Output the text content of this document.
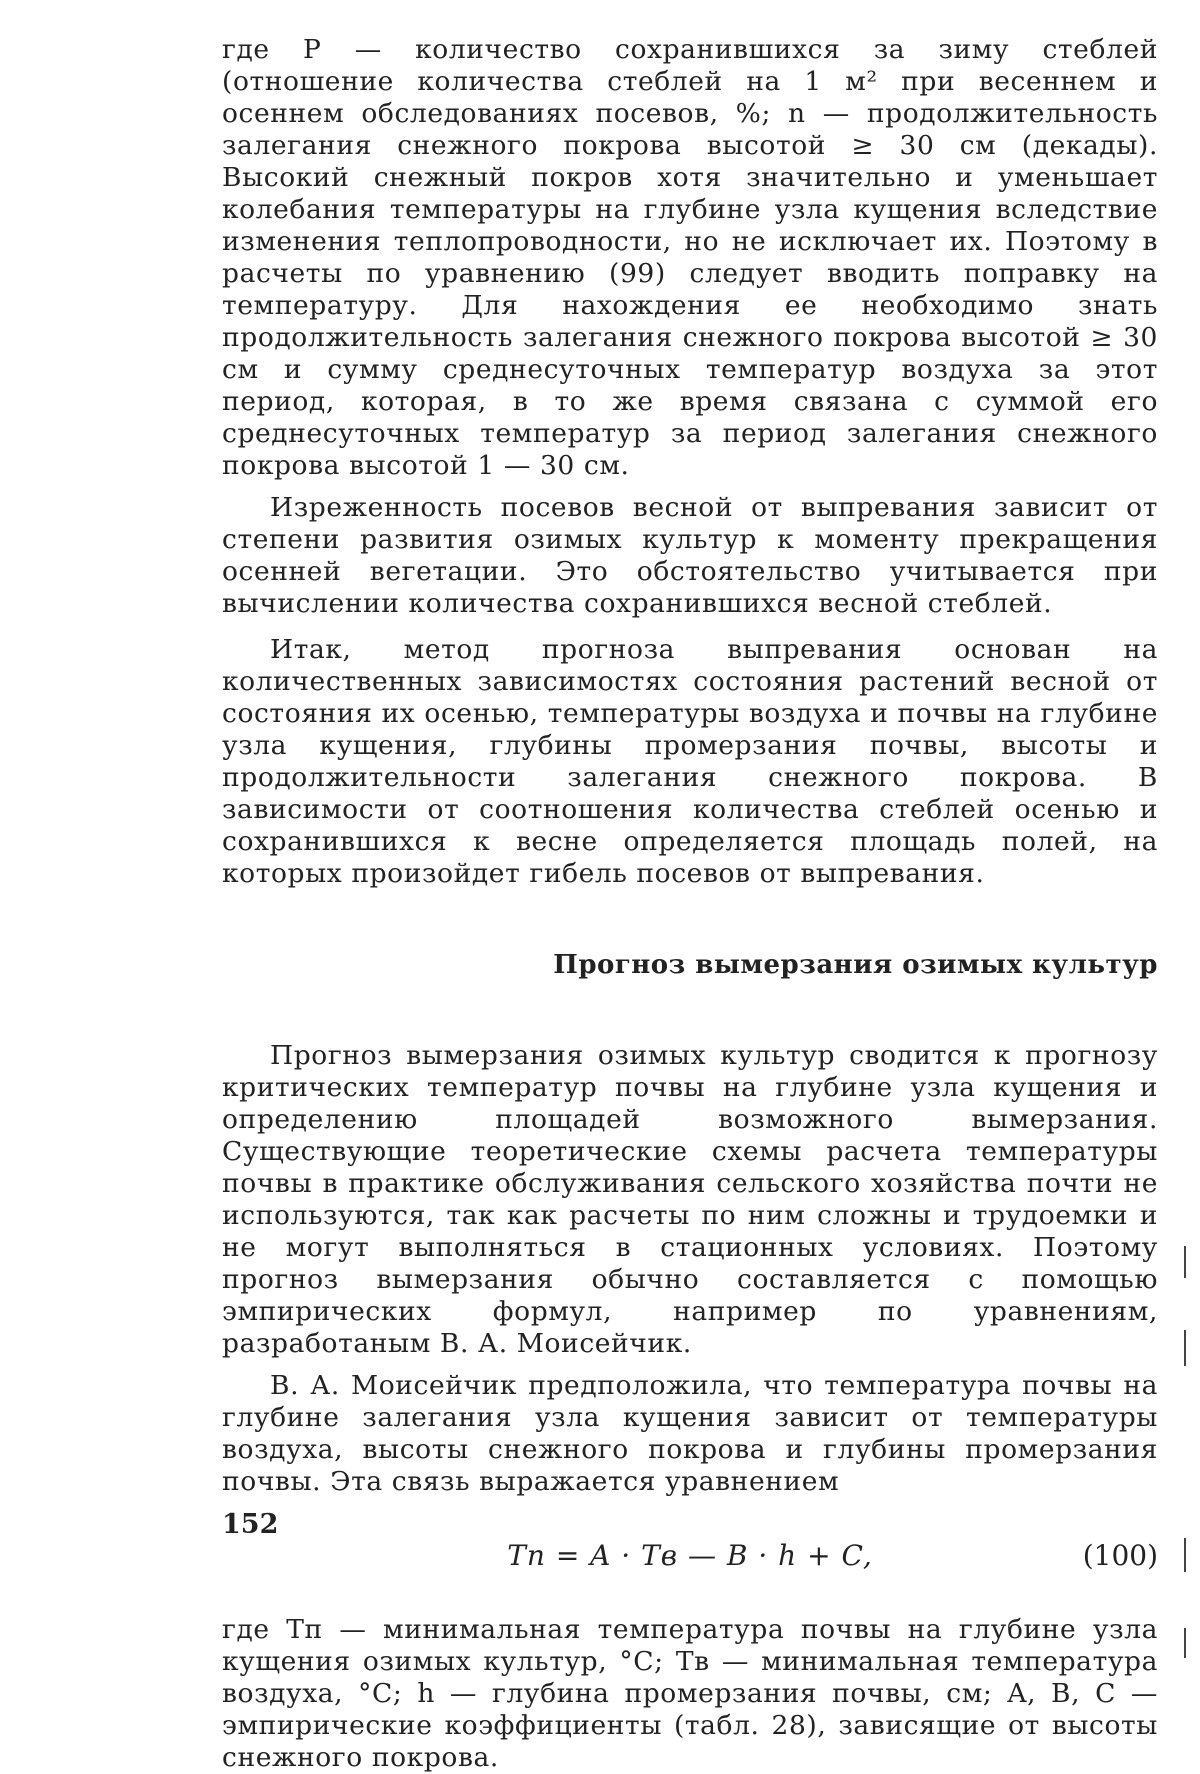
где P — количество сохранившихся за зиму стеблей (отношение количества стеблей на 1 м² при весеннем и осеннем обследованиях посевов, %; n — продолжительность залегания снежного покрова высотой ≥ 30 см (декады). Высокий снежный покров хотя значительно и уменьшает колебания температуры на глубине узла кущения вследствие изменения теплопроводности, но не исключает их. Поэтому в расчеты по уравнению (99) следует вводить поправку на температуру. Для нахождения ее необходимо знать продолжительность залегания снежного покрова высотой ≥ 30 см и сумму среднесуточных температур воздуха за этот период, которая, в то же время связана с суммой его среднесуточных температур за период залегания снежного покрова высотой 1 — 30 см.

Изреженность посевов весной от выпревания зависит от степени развития озимых культур к моменту прекращения осенней вегетации. Это обстоятельство учитывается при вычислении количества сохранившихся весной стеблей.

Итак, метод прогноза выпревания основан на количественных зависимостях состояния растений весной от состояния их осенью, температуры воздуха и почвы на глубине узла кущения, глубины промерзания почвы, высоты и продолжительности залегания снежного покрова. В зависимости от соотношения количества стеблей осенью и сохранившихся к весне определяется площадь полей, на которых произойдет гибель посевов от выпревания.

Прогноз вымерзания озимых культур

Прогноз вымерзания озимых культур сводится к прогнозу критических температур почвы на глубине узла кущения и определению площадей возможного вымерзания. Существующие теоретические схемы расчета температуры почвы в практике обслуживания сельского хозяйства почти не используются, так как расчеты по ним сложны и трудоемки и не могут выполняться в стационных условиях. Поэтому прогноз вымерзания обычно составляется с помощью эмпирических формул, например по уравнениям, разработаным В. А. Моисейчик.

В. А. Моисейчик предположила, что температура почвы на глубине залегания узла кущения зависит от температуры воздуха, высоты снежного покрова и глубины промерзания почвы. Эта связь выражается уравнением

Tп = A · Tв — B · h + C,	(100)

где Tп — минимальная температура почвы на глубине узла кущения озимых культур, °C; Tв — минимальная температура воздуха, °C; h — глубина промерзания почвы, см; A, B, C — эмпирические коэффициенты (табл. 28), зависящие от высоты снежного покрова.

152
